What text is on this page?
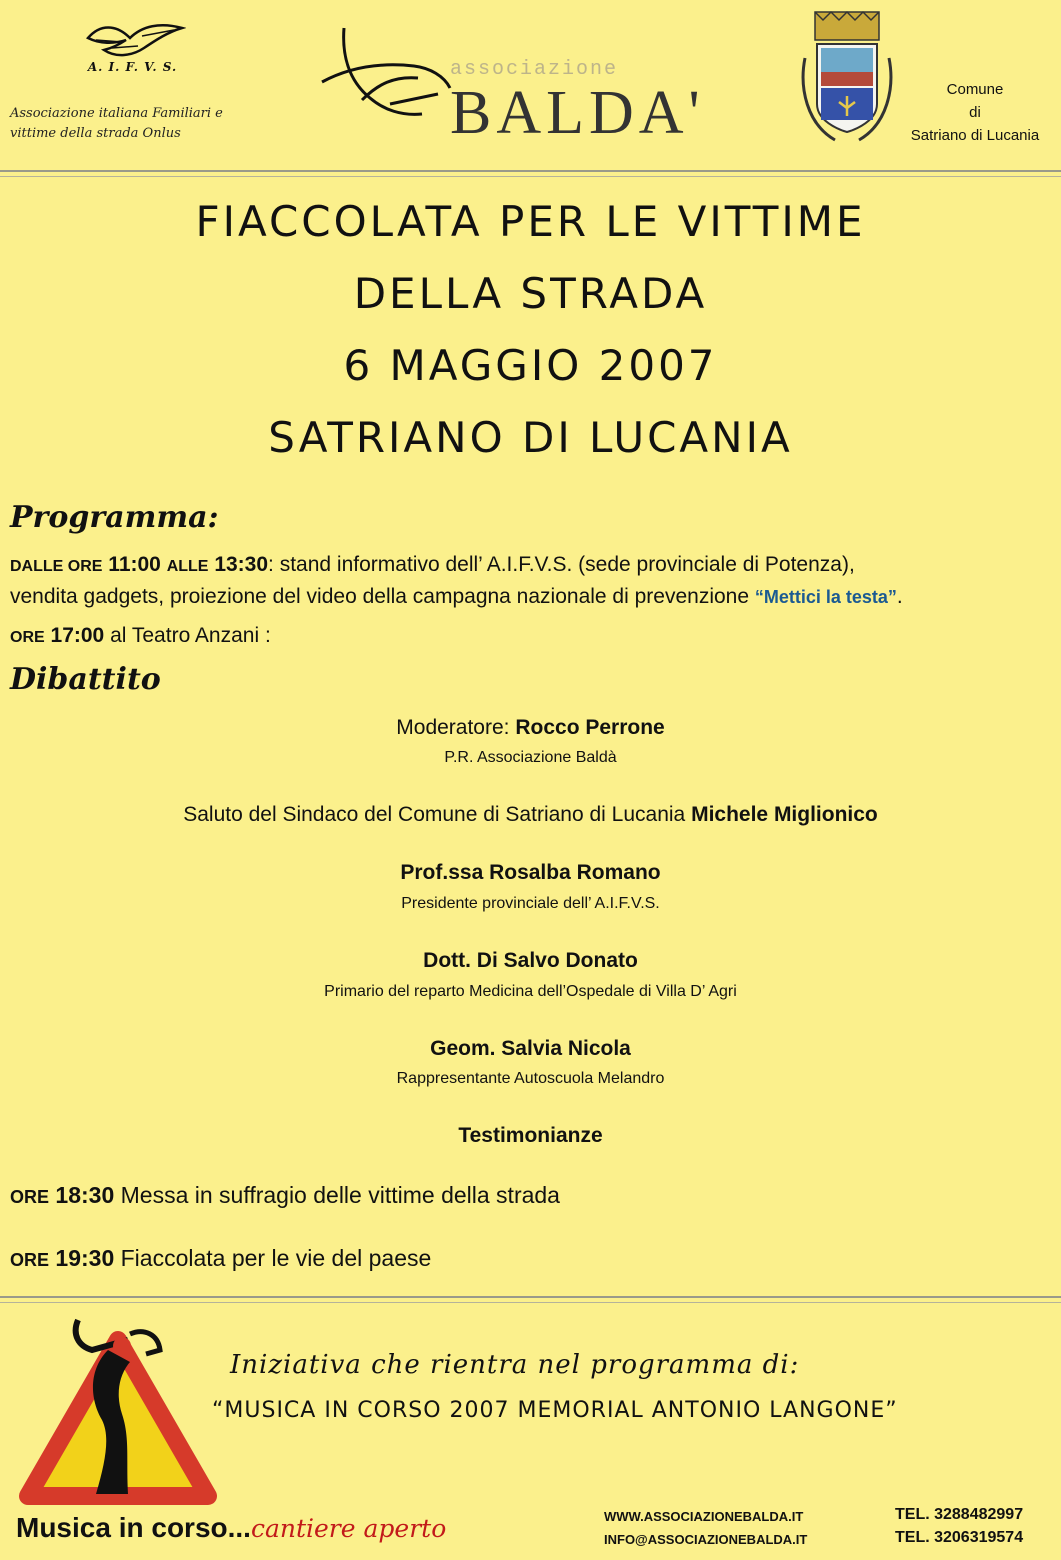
A. I. F. V. S.
Associazione italiana Familiari e
vittime della strada Onlus
associazione
BALDA'	Comune
di
Satriano di Lucania
FIACCOLATA PER LE VITTIME
DELLA STRADA
6 MAGGIO 2007
SATRIANO DI LUCANIA
Programma:
DALLE ORE 11:00 ALLE 13:30: stand informativo dell’ A.I.F.V.S. (sede provinciale di Potenza),
vendita gadgets, proiezione del video della campagna nazionale di prevenzione “Mettici la testa”.
ORE 17:00 al Teatro Anzani :
Dibattito
Moderatore: Rocco Perrone
P.R. Associazione Baldà
Saluto del Sindaco del Comune di Satriano di Lucania Michele Miglionico
Prof.ssa Rosalba Romano
Presidente provinciale dell’ A.I.F.V.S.
Dott. Di Salvo Donato
Primario del reparto Medicina dell’Ospedale di Villa D’ Agri
Geom. Salvia Nicola
Rappresentante Autoscuola Melandro
Testimonianze
ORE 18:30 Messa in suffragio delle vittime della strada
ORE 19:30 Fiaccolata per le vie del paese
Musica in corso...cantiere aperto
Iniziativa che rientra nel programma di:
“MUSICA IN CORSO 2007 MEMORIAL ANTONIO LANGONE”
WWW.ASSOCIAZIONEBALDA.IT
INFO@ASSOCIAZIONEBALDA.IT
TEL. 3288482997
TEL. 3206319574
